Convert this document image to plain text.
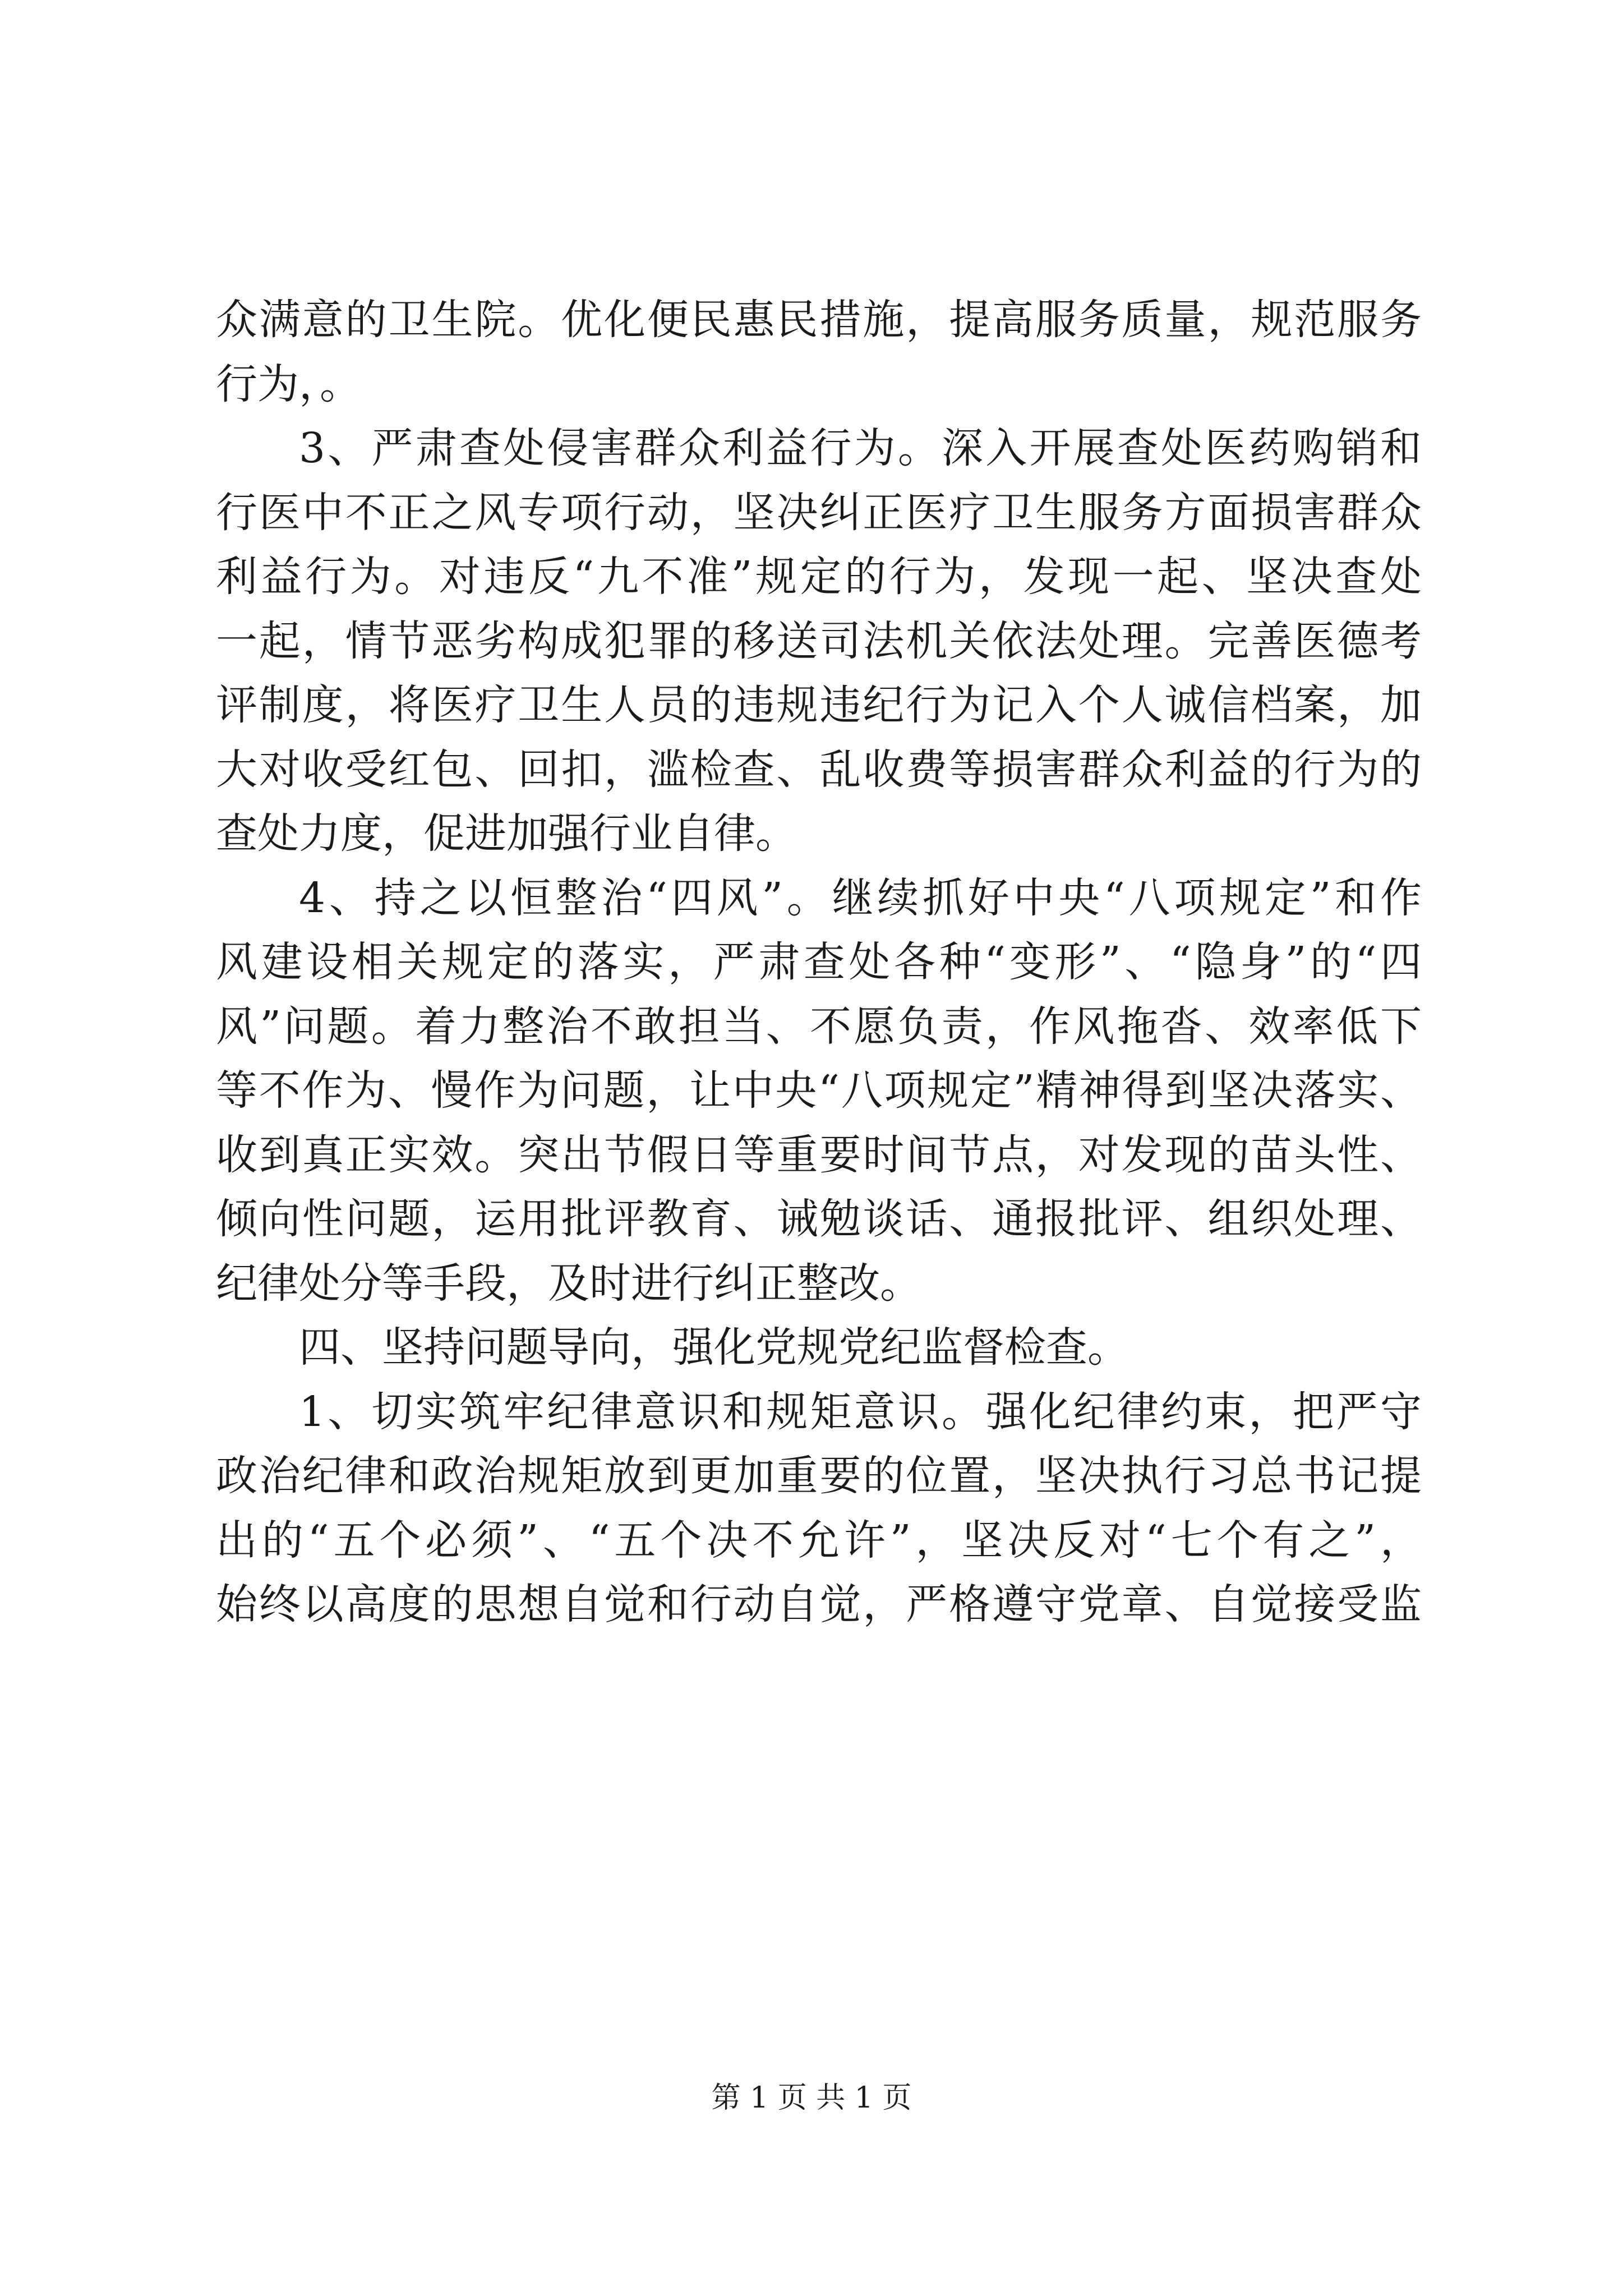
众满意的卫生院。优化便民惠民措施，提高服务质量，规范服务
行为，。
3、严肃查处侵害群众利益行为。深入开展查处医药购销和
行医中不正之风专项行动，坚决纠正医疗卫生服务方面损害群众
利益行为。对违反“九不准”规定的行为，发现一起、坚决查处
一起，情节恶劣构成犯罪的移送司法机关依法处理。完善医德考
评制度，将医疗卫生人员的违规违纪行为记入个人诚信档案，加
大对收受红包、回扣，滥检查、乱收费等损害群众利益的行为的
查处力度，促进加强行业自律。
4、持之以恒整治“四风”。继续抓好中央“八项规定”和作
风建设相关规定的落实，严肃查处各种“变形”、“隐身”的“四
风”问题。着力整治不敢担当、不愿负责，作风拖沓、效率低下
等不作为、慢作为问题，让中央“八项规定”精神得到坚决落实、
收到真正实效。突出节假日等重要时间节点，对发现的苗头性、
倾向性问题，运用批评教育、诫勉谈话、通报批评、组织处理、
纪律处分等手段，及时进行纠正整改。
四、坚持问题导向，强化党规党纪监督检查。
1、切实筑牢纪律意识和规矩意识。强化纪律约束，把严守
政治纪律和政治规矩放到更加重要的位置，坚决执行习总书记提
出的“五个必须”、“五个决不允许”，坚决反对“七个有之”，
始终以高度的思想自觉和行动自觉，严格遵守党章、自觉接受监
第 1 页 共 1 页
